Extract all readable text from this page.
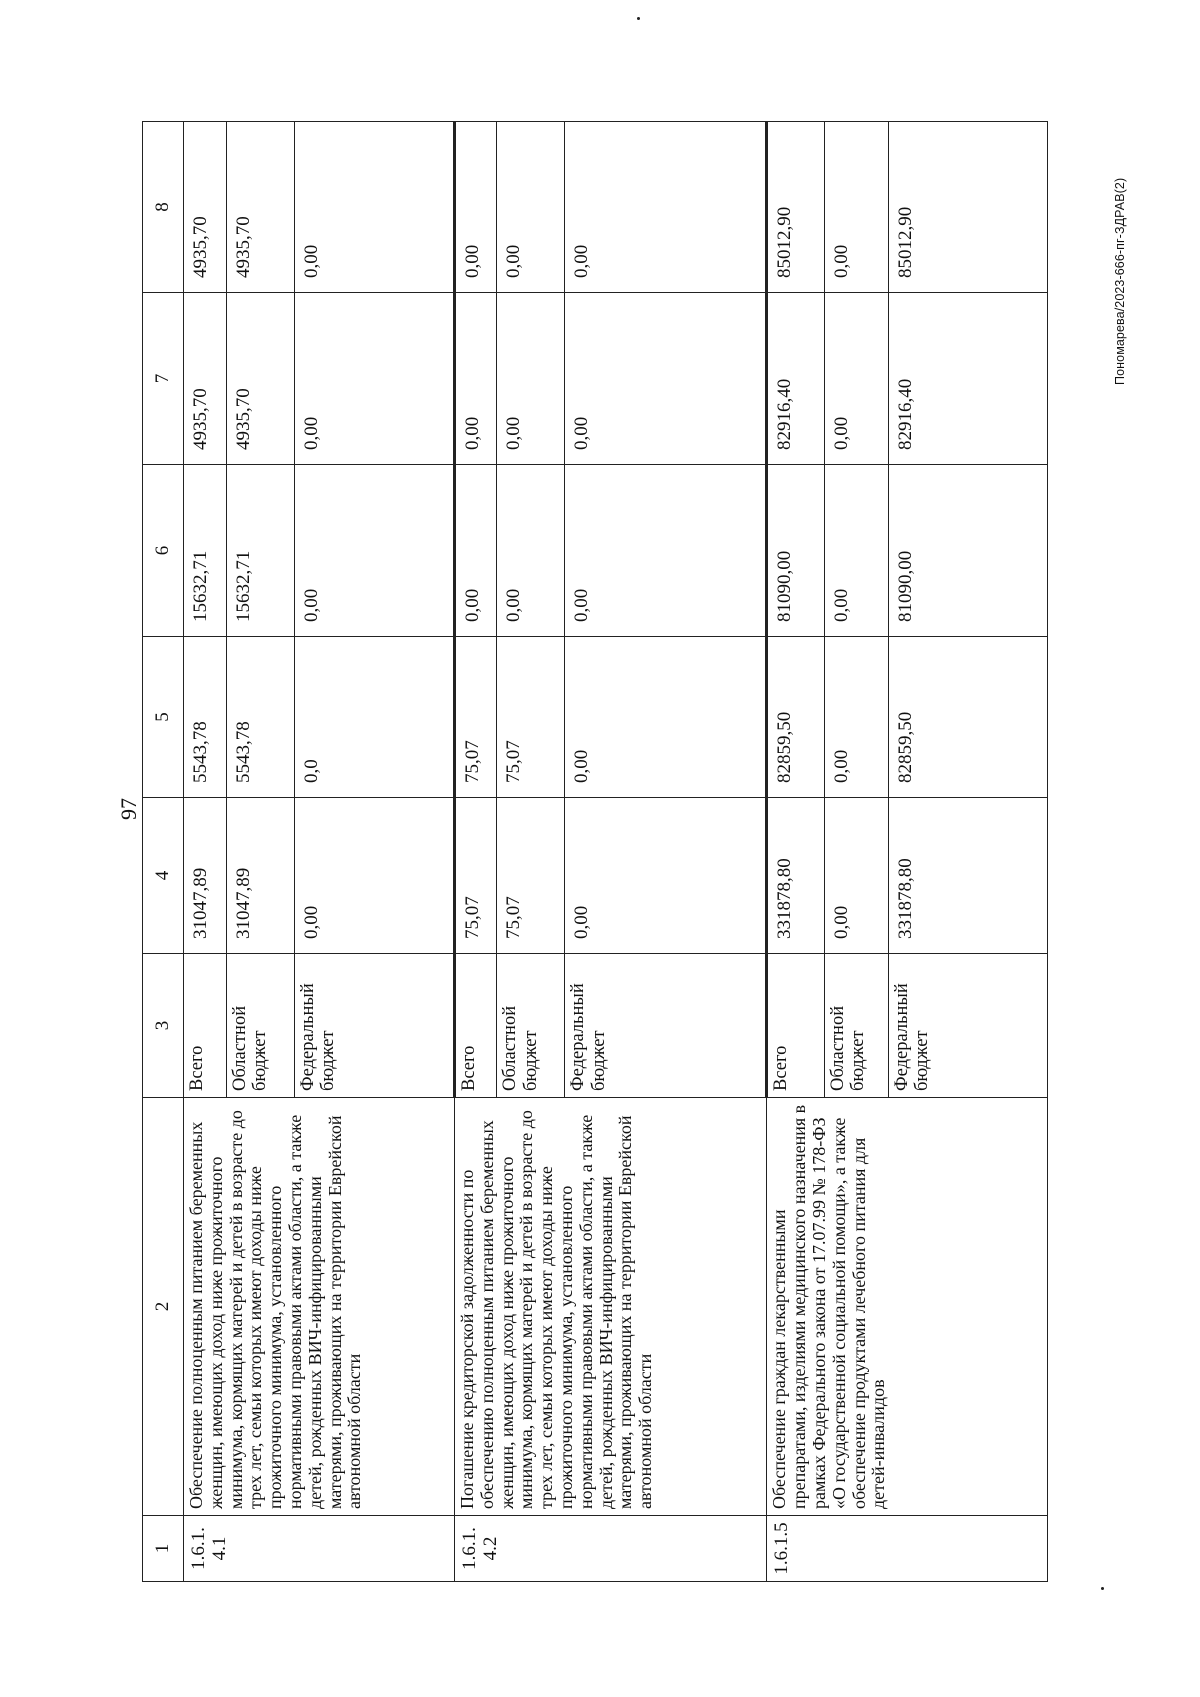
97
Пономарева/2023-666-пг-ЗДРАВ(2)
1	2	3	4	5	6	7	8
1.6.1.4.1	Обеспечение полноценным питанием беременных женщин, имеющих доход ниже прожиточного минимума, кормящих матерей и детей в возрасте до трех лет, семьи которых имеют доходы ниже прожиточного минимума, установленного нормативными правовыми актами области, а также детей, рожденных ВИЧ-инфицированными матерями, проживающих на территории Еврейской автономной области	Всего	31047,89	5543,78	15632,71	4935,70	4935,70
		Областной бюджет	31047,89	5543,78	15632,71	4935,70	4935,70
		Федеральный бюджет	0,00	0,0	0,00	0,00	0,00
1.6.1.4.2	Погашение кредиторской задолженности по обеспечению полноценным питанием беременных женщин, имеющих доход ниже прожиточного минимума, кормящих матерей и детей в возрасте до трех лет, семьи которых имеют доходы ниже прожиточного минимума, установленного нормативными правовыми актами области, а также детей, рожденных ВИЧ-инфицированными матерями, проживающих на территории Еврейской автономной области	Всего	75,07	75,07	0,00	0,00	0,00
		Областной бюджет	75,07	75,07	0,00	0,00	0,00
		Федеральный бюджет	0,00	0,00	0,00	0,00	0,00
1.6.1.5	Обеспечение граждан лекарственными препаратами, изделиями медицинского назначения в рамках Федерального закона от 17.07.99 № 178-ФЗ «О государственной социальной помощи», а также обеспечение продуктами лечебного питания для детей-инвалидов	Всего	331878,80	82859,50	81090,00	82916,40	85012,90
		Областной бюджет	0,00	0,00	0,00	0,00	0,00
		Федеральный бюджет	331878,80	82859,50	81090,00	82916,40	85012,90
